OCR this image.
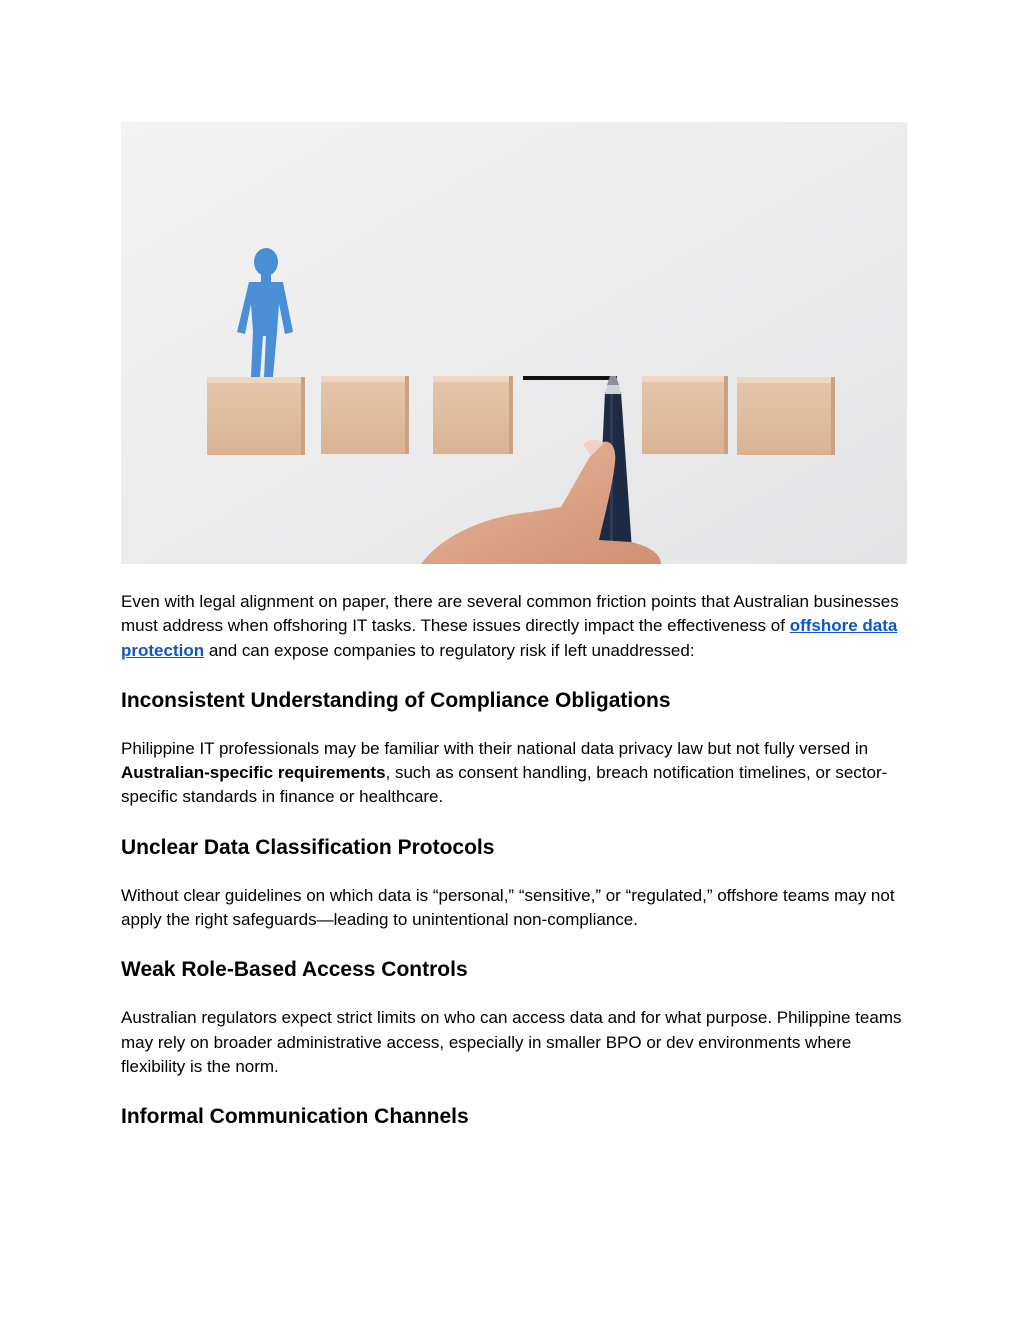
Even with legal alignment on paper, there are several common friction points that Australian businesses must address when offshoring IT tasks. These issues directly impact the effectiveness of offshore data protection and can expose companies to regulatory risk if left unaddressed:

Inconsistent Understanding of Compliance Obligations

Philippine IT professionals may be familiar with their national data privacy law but not fully versed in Australian-specific requirements, such as consent handling, breach notification timelines, or sector-specific standards in finance or healthcare.

Unclear Data Classification Protocols

Without clear guidelines on which data is “personal,” “sensitive,” or “regulated,” offshore teams may not apply the right safeguards—leading to unintentional non-compliance.

Weak Role-Based Access Controls

Australian regulators expect strict limits on who can access data and for what purpose. Philippine teams may rely on broader administrative access, especially in smaller BPO or dev environments where flexibility is the norm.

Informal Communication Channels
